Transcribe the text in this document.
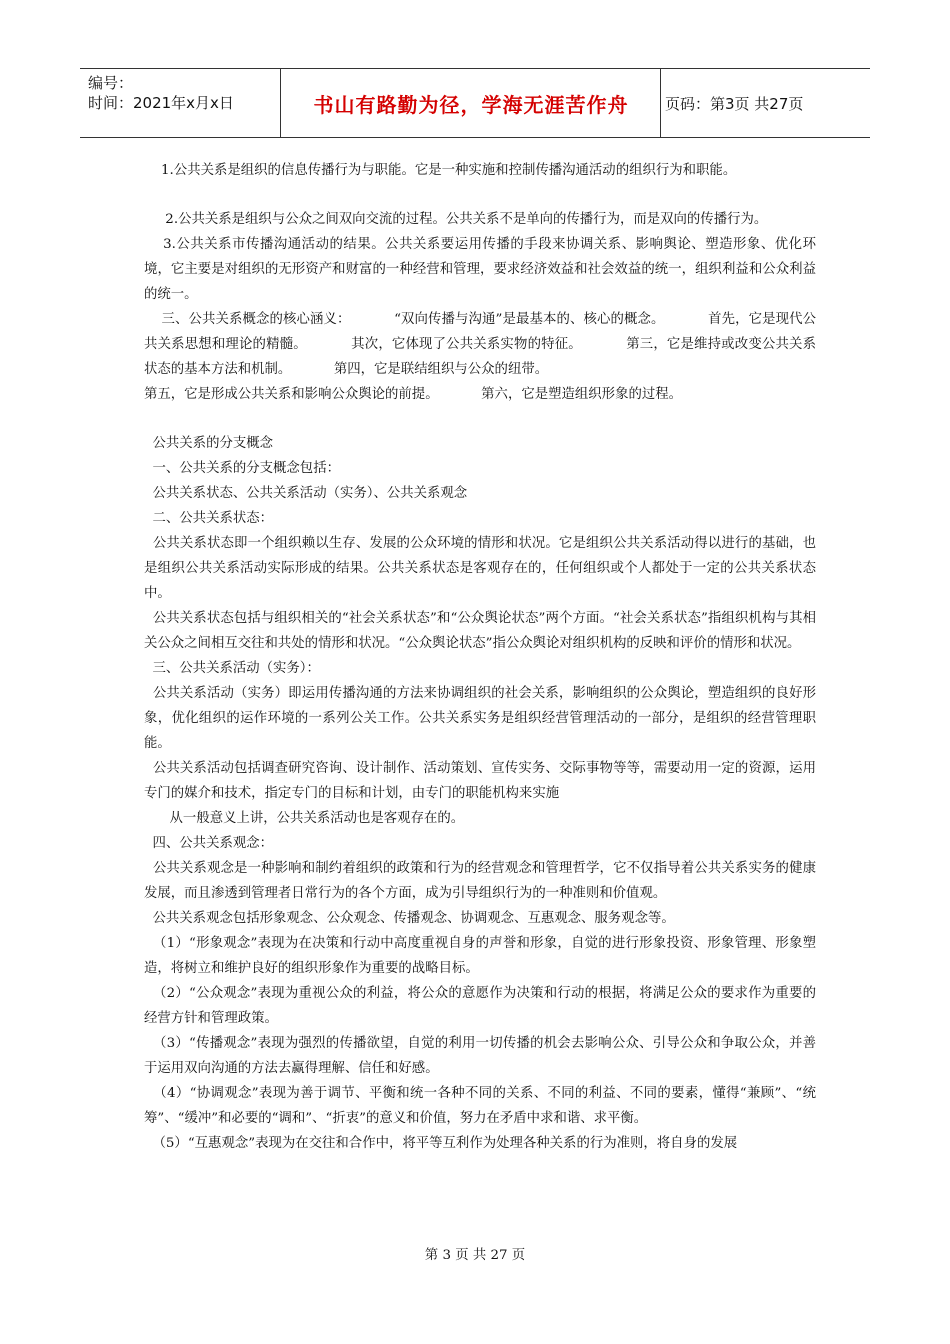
编号：
时间：2021年x月x日	书山有路勤为径，学海无涯苦作舟	页码：第3页 共27页

1.公共关系是组织的信息传播行为与职能。它是一种实施和控制传播沟通活动的组织行为和职能。

2.公共关系是组织与公众之间双向交流的过程。公共关系不是单向的传播行为，而是双向的传播行为。

3.公共关系市传播沟通活动的结果。公共关系要运用传播的手段来协调关系、影响舆论、塑造形象、优化环境，它主要是对组织的无形资产和财富的一种经营和管理，要求经济效益和社会效益的统一，组织利益和公众利益的统一。

三、公共关系概念的核心涵义：          “双向传播与沟通”是最基本的、核心的概念。          首先，它是现代公共关系思想和理论的精髓。          其次，它体现了公共关系实物的特征。          第三，它是维持或改变公共关系状态的基本方法和机制。          第四，它是联结组织与公众的纽带。

第五，它是形成公共关系和影响公众舆论的前提。          第六，它是塑造组织形象的过程。

公共关系的分支概念

一、公共关系的分支概念包括：

公共关系状态、公共关系活动（实务）、公共关系观念

二、公共关系状态：

公共关系状态即一个组织赖以生存、发展的公众环境的情形和状况。它是组织公共关系活动得以进行的基础，也是组织公共关系活动实际形成的结果。公共关系状态是客观存在的，任何组织或个人都处于一定的公共关系状态中。

公共关系状态包括与组织相关的“社会关系状态”和“公众舆论状态”两个方面。“社会关系状态”指组织机构与其相关公众之间相互交往和共处的情形和状况。“公众舆论状态”指公众舆论对组织机构的反映和评价的情形和状况。

三、公共关系活动（实务）：

公共关系活动（实务）即运用传播沟通的方法来协调组织的社会关系，影响组织的公众舆论，塑造组织的良好形象，优化组织的运作环境的一系列公关工作。公共关系实务是组织经营管理活动的一部分，是组织的经营管理职能。

公共关系活动包括调查研究咨询、设计制作、活动策划、宣传实务、交际事物等等，需要动用一定的资源，运用专门的媒介和技术，指定专门的目标和计划，由专门的职能机构来实施

从一般意义上讲，公共关系活动也是客观存在的。

四、公共关系观念：

公共关系观念是一种影响和制约着组织的政策和行为的经营观念和管理哲学，它不仅指导着公共关系实务的健康发展，而且渗透到管理者日常行为的各个方面，成为引导组织行为的一种准则和价值观。

公共关系观念包括形象观念、公众观念、传播观念、协调观念、互惠观念、服务观念等。

（1）“形象观念”表现为在决策和行动中高度重视自身的声誉和形象，自觉的进行形象投资、形象管理、形象塑造，将树立和维护良好的组织形象作为重要的战略目标。

（2）“公众观念”表现为重视公众的利益，将公众的意愿作为决策和行动的根据，将满足公众的要求作为重要的经营方针和管理政策。

（3）“传播观念”表现为强烈的传播欲望，自觉的利用一切传播的机会去影响公众、引导公众和争取公众，并善于运用双向沟通的方法去赢得理解、信任和好感。

（4）“协调观念”表现为善于调节、平衡和统一各种不同的关系、不同的利益、不同的要素，懂得“兼顾”、“统筹”、“缓冲”和必要的“调和”、“折衷”的意义和价值，努力在矛盾中求和谐、求平衡。

（5）“互惠观念”表现为在交往和合作中，将平等互利作为处理各种关系的行为准则，将自身的发展

第 3 页 共 27 页
